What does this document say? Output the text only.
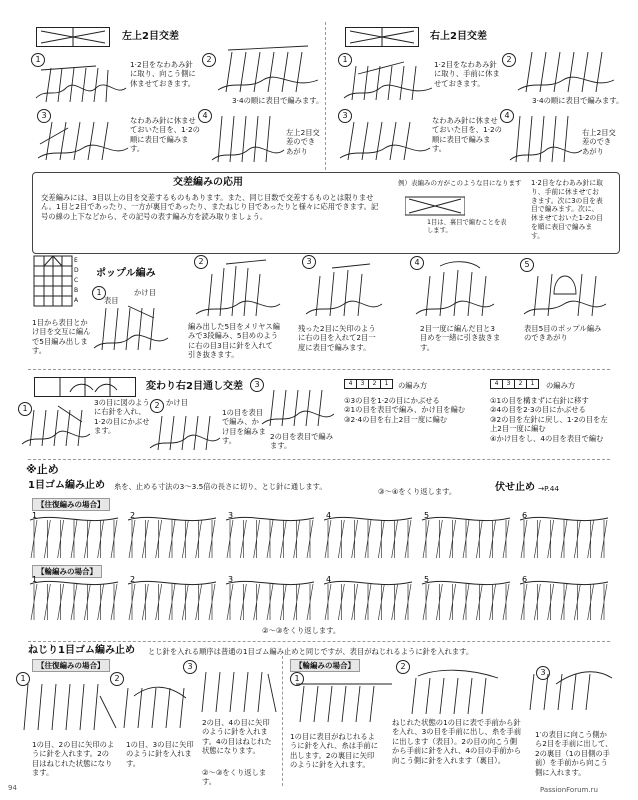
左上2目交差
1
1·2目をなわあみ針に取り、向こう側に休ませておきます。
2
3·4の順に表目で編みます。
3
なわあみ針に休ませておいた目を、1·2の順に表目で編みます。
4
左上2目交差のできあがり
右上2目交差
1
1·2目をなわあみ針に取り、手前に休ませておきます。
2
3·4の順に表目で編みます。
3
なわあみ針に休ませておいた目を、1·2の順に表目で編みます。
4
右上2目交差のできあがり
交差編みの応用
交差編みには、3目以上の目を交差するものもあります。また、同じ目数で交差するものとは限りません。1目と2目であったり、一方が裏目であったり、またねじり目であったりと様々に応用できます。記号の線の上下などから、その記号の表す編み方を読み取りましょう。
例）表編みの方がこのような目になります
1目は、裏目で編むことを表します。
1·2目をなわあみ針に取り、手前に休ませておきます。次に3の目を表目で編みます。次に、休ませておいた1·2の目を順に表目で編みます。
E
D
C
B
A
ポップル編み
1
表目
かけ目
1目から表目とかけ目を交互に編んで5目編み出します。
2
編み出した5目をメリヤス編みで3段編み、5目めのように右の目3目に針を入れて引き抜きます。
3
残った2目に矢印のように右の目を入れて2目一度に表目で編みます。
4
2目一度に編んだ目と3目めを一緒に引き抜きます。
5
表目5目のポップル編みのできあがり
変わり右2目通し交差
1
3の目に図のように右針を入れ、1·2の目にかぶせます。
2 かけ目
1の目を表目で編み、かけ目を編みます。
3
2の目を表目で編みます。
4	3	2	1 の編み方
①3の目を1·2の目にかぶせる
②1の目を表目で編み、かけ目を編む
③2·4の目を右上2目一度に編む
4	3	2	1 の編み方
①1の目を構まずに右針に移す
②4の目を2·3の目にかぶせる
③2の目を左針に戻し、1·2の目を左上2目一度に編む
④かけ目をし、4の目を表目で編む
※止め
1目ゴム編み止め 糸を、止める寸法の3〜3.5倍の長さに切り、とじ針に通します。
③〜④をくり返します。	伏せ止め →P.44
【往復編みの場合】
1	2	3	4	5	6
【輪編みの場合】
1	2	3	4	5	6
②〜③をくり返します。
ねじり1目ゴム編み止め とじ針を入れる順序は普通の1目ゴム編み止めと同じですが、表目がねじれるように針を入れます。
【往復編みの場合】
1
1の目、2の目に矢印のように針を入れます。2の目はねじれた状態になります。
2
1の目、3の目に矢印のように針を入れます。
3
2の目、4の目に矢印のように針を入れます。4の目はねじれた状態になります。
②〜③をくり返します。
【輪編みの場合】
1
1の目に表目がねじれるように針を入れ、糸は手前に出します。2の裏目に矢印のように針を入れます。
2
ねじれた状態の1の目に表で手前から針を入れ、3の目を手前に出し、糸を手前に出します（表目）。2の目の向こう側から手前に針を入れ、4の目の手前から向こう側に針を入れます（裏目）。
3
1′の表目に向こう側から2目を手前に出して、2の裏目（1の目側の手前）を手前から向こう側に入れます。
94	PassionForum.ru
